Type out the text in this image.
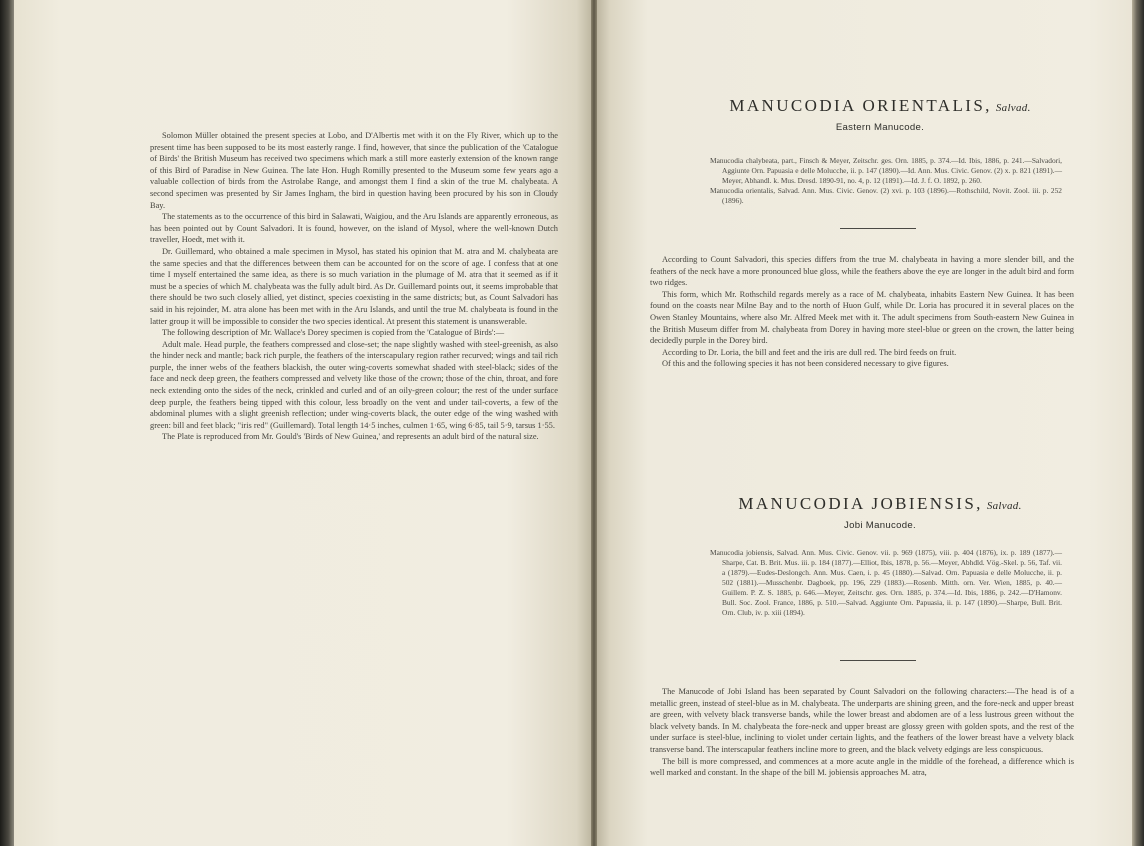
Solomon Müller obtained the present species at Lobo, and D'Albertis met with it on the Fly River, which up to the present time has been supposed to be its most easterly range. I find, however, that since the publication of the 'Catalogue of Birds' the British Museum has received two specimens which mark a still more easterly extension of the known range of this Bird of Paradise in New Guinea. The late Hon. Hugh Romilly presented to the Museum some few years ago a valuable collection of birds from the Astrolabe Range, and amongst them I find a skin of the true M. chalybeata. A second specimen was presented by Sir James Ingham, the bird in question having been procured by his son in Cloudy Bay.

The statements as to the occurrence of this bird in Salawati, Waigiou, and the Aru Islands are apparently erroneous, as has been pointed out by Count Salvadori. It is found, however, on the island of Mysol, where the well-known Dutch traveller, Hoedt, met with it.

Dr. Guillemard, who obtained a male specimen in Mysol, has stated his opinion that M. atra and M. chalybeata are the same species and that the differences between them can be accounted for on the score of age. I confess that at one time I myself entertained the same idea, as there is so much variation in the plumage of M. atra that it seemed as if it must be a species of which M. chalybeata was the fully adult bird. As Dr. Guillemard points out, it seems improbable that there should be two such closely allied, yet distinct, species coexisting in the same districts; but, as Count Salvadori has said in his rejoinder, M. atra alone has been met with in the Aru Islands, and until the true M. chalybeata is found in the latter group it will be impossible to consider the two species identical. At present this statement is unanswerable.

The following description of Mr. Wallace's Dorey specimen is copied from the 'Catalogue of Birds':—

Adult male. Head purple, the feathers compressed and close-set; the nape slightly washed with steel-greenish, as also the hinder neck and mantle; back rich purple, the feathers of the interscapulary region rather recurved; wings and tail rich purple, the inner webs of the feathers blackish, the outer wing-coverts somewhat shaded with steel-black; sides of the face and neck deep green, the feathers compressed and velvety like those of the crown; those of the chin, throat, and fore neck extending onto the sides of the neck, crinkled and curled and of an oily-green colour; the rest of the under surface deep purple, the feathers being tipped with this colour, less broadly on the vent and under tail-coverts, a few of the abdominal plumes with a slight greenish reflection; under wing-coverts black, the outer edge of the wing washed with green: bill and feet black; "iris red" (Guillemard). Total length 14·5 inches, culmen 1·65, wing 6·85, tail 5·9, tarsus 1·55.

The Plate is reproduced from Mr. Gould's 'Birds of New Guinea,' and represents an adult bird of the natural size.

MANUCODIA ORIENTALIS, Salvad.
Eastern Manucode.

Manucodia chalybeata, part., Finsch & Meyer, Zeitschr. ges. Orn. 1885, p. 374.—Id. Ibis, 1886, p. 241.—Salvadori, Aggiunte Orn. Papuasia e delle Molucche, ii. p. 147 (1890).—Id. Ann. Mus. Civic. Genov. (2) x. p. 821 (1891).—Meyer, Abhandl. k. Mus. Dresd. 1890-91, no. 4, p. 12 (1891).—Id. J. f. O. 1892, p. 260.

Manucodia orientalis, Salvad. Ann. Mus. Civic. Genov. (2) xvi. p. 103 (1896).—Rothschild, Novit. Zool. iii. p. 252 (1896).

According to Count Salvadori, this species differs from the true M. chalybeata in having a more slender bill, and the feathers of the neck have a more pronounced blue gloss, while the feathers above the eye are longer in the adult bird and form two ridges.

This form, which Mr. Rothschild regards merely as a race of M. chalybeata, inhabits Eastern New Guinea. It has been found on the coasts near Milne Bay and to the north of Huon Gulf, while Dr. Loria has procured it in several places on the Owen Stanley Mountains, where also Mr. Alfred Meek met with it. The adult specimens from South-eastern New Guinea in the British Museum differ from M. chalybeata from Dorey in having more steel-blue or green on the crown, the latter being decidedly purple in the Dorey bird.

According to Dr. Loria, the bill and feet and the iris are dull red. The bird feeds on fruit.

Of this and the following species it has not been considered necessary to give figures.

MANUCODIA JOBIENSIS, Salvad.
Jobi Manucode.

Manucodia jobiensis, Salvad. Ann. Mus. Civic. Genov. vii. p. 969 (1875), viii. p. 404 (1876), ix. p. 189 (1877).—Sharpe, Cat. B. Brit. Mus. iii. p. 184 (1877).—Elliot, Ibis, 1878, p. 56.—Meyer, Abhdld. Vög.-Skel. p. 56, Taf. vii. a (1879).—Eudes-Deslongch. Ann. Mus. Caen, i. p. 45 (1880).—Salvad. Orn. Papuasia e delle Molucche, ii. p. 502 (1881).—Musschenbr. Dagboek, pp. 196, 229 (1883).—Rosenb. Mitth. orn. Ver. Wien, 1885, p. 40.—Guillem. P. Z. S. 1885, p. 646.—Meyer, Zeitschr. ges. Orn. 1885, p. 374.—Id. Ibis, 1886, p. 242.—D'Hamonv. Bull. Soc. Zool. France, 1886, p. 510.—Salvad. Aggiunte Orn. Papuasia, ii. p. 147 (1890).—Sharpe, Bull. Brit. Orn. Club, iv. p. xiii (1894).

The Manucode of Jobi Island has been separated by Count Salvadori on the following characters:—The head is of a metallic green, instead of steel-blue as in M. chalybeata. The underparts are shining green, and the fore-neck and upper breast are green, with velvety black transverse bands, while the lower breast and abdomen are of a less lustrous green without the black velvety bands. In M. chalybeata the fore-neck and upper breast are glossy green with golden spots, and the rest of the under surface is steel-blue, inclining to violet under certain lights, and the feathers of the lower breast have a velvety black transverse band. The interscapular feathers incline more to green, and the black velvety edgings are less conspicuous.

The bill is more compressed, and commences at a more acute angle in the middle of the forehead, a difference which is well marked and constant. In the shape of the bill M. jobiensis approaches M. atra,
